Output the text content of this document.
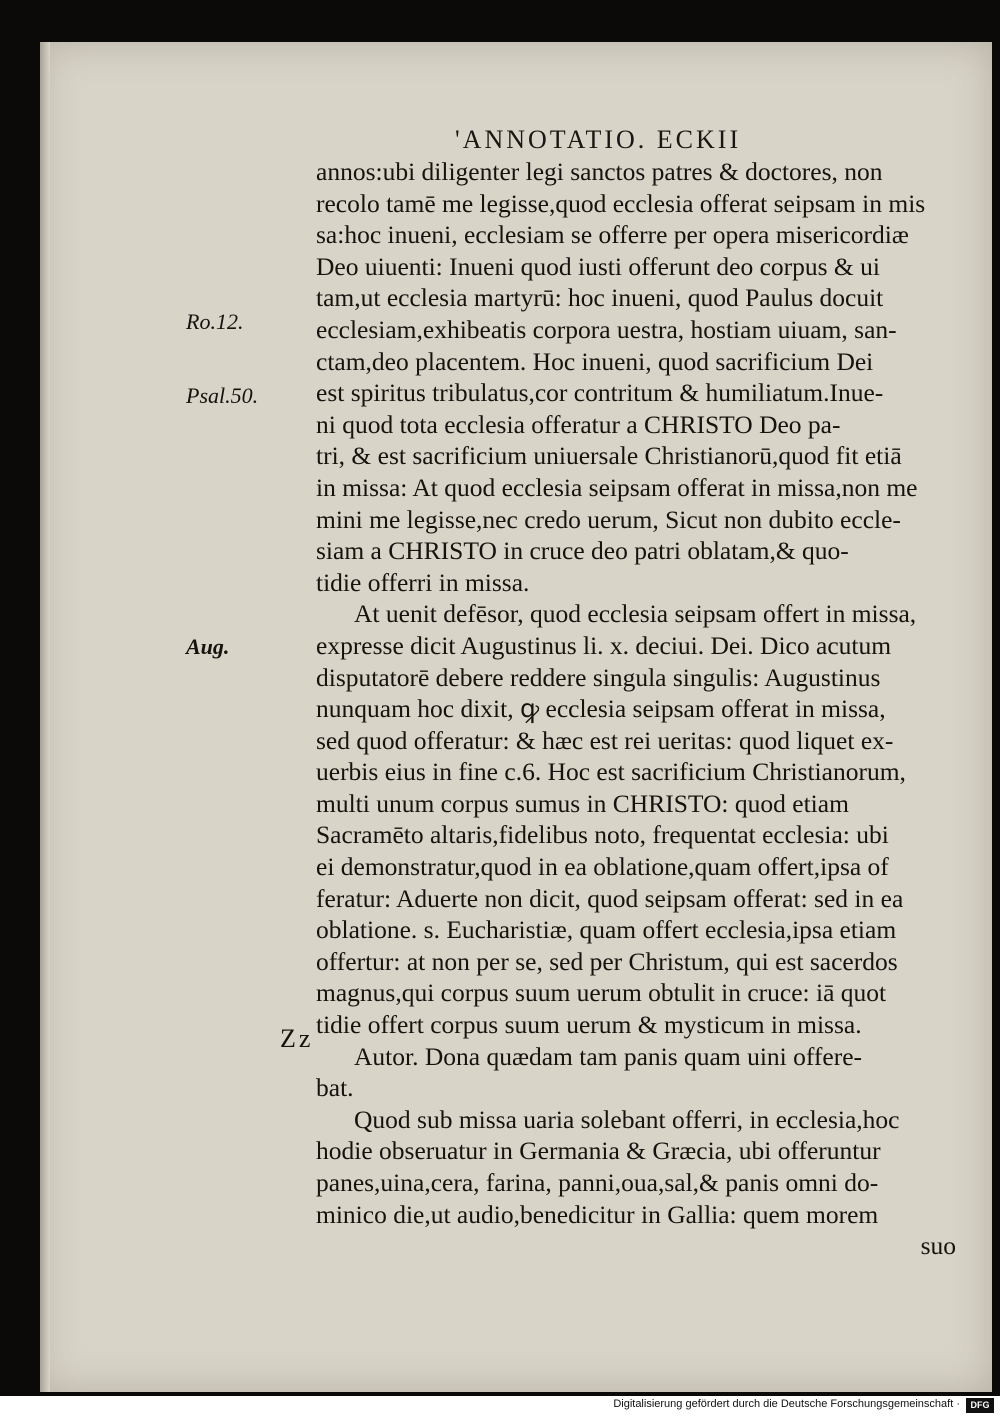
'ANNOTATIO. ECKII
Ro.12.
Psal.50.
Aug.
Zz
annos:ubi diligenter legi sanctos patres & doctores, non
recolo tamē me legisse,quod ecclesia offerat seipsam in mis
sa:hoc inueni, ecclesiam se offerre per opera misericordiæ
Deo uiuenti: Inueni quod iusti offerunt deo corpus & ui
tam,ut ecclesia martyrū: hoc inueni, quod Paulus docuit
ecclesiam,exhibeatis corpora uestra, hostiam uiuam, san-
ctam,deo placentem. Hoc inueni, quod sacrificium Dei
est spiritus tribulatus,cor contritum & humiliatum.Inue-
ni quod tota ecclesia offeratur a CHRISTO Deo pa-
tri, & est sacrificium uniuersale Christianorū,quod fit etiā
in missa: At quod ecclesia seipsam offerat in missa,non me
mini me legisse,nec credo uerum, Sicut non dubito eccle-
siam a CHRISTO in cruce deo patri oblatam,& quo-
tidie offerri in missa.
At uenit defēsor, quod ecclesia seipsam offert in missa,
expresse dicit Augustinus li. x. deciui. Dei. Dico acutum
disputatorē debere reddere singula singulis: Augustinus
nunquam hoc dixit, ꝙ ecclesia seipsam offerat in missa,
sed quod offeratur: & hæc est rei ueritas: quod liquet ex-
uerbis eius in fine c.6. Hoc est sacrificium Christianorum,
multi unum corpus sumus in CHRISTO: quod etiam
Sacramēto altaris,fidelibus noto, frequentat ecclesia: ubi
ei demonstratur,quod in ea oblatione,quam offert,ipsa of
feratur: Aduerte non dicit, quod seipsam offerat: sed in ea
oblatione. s. Eucharistiæ, quam offert ecclesia,ipsa etiam
offertur: at non per se, sed per Christum, qui est sacerdos
magnus,qui corpus suum uerum obtulit in cruce: iā quot
tidie offert corpus suum uerum & mysticum in missa.
Autor. Dona quædam tam panis quam uini offere-
bat.
Quod sub missa uaria solebant offerri, in ecclesia,hoc
hodie obseruatur in Germania & Græcia, ubi offeruntur
panes,uina,cera, farina, panni,oua,sal,& panis omni do-
minico die,ut audio,benedicitur in Gallia: quem morem
suo
Digitalisierung gefördert durch die Deutsche Forschungsgemeinschaft ·	DFG
